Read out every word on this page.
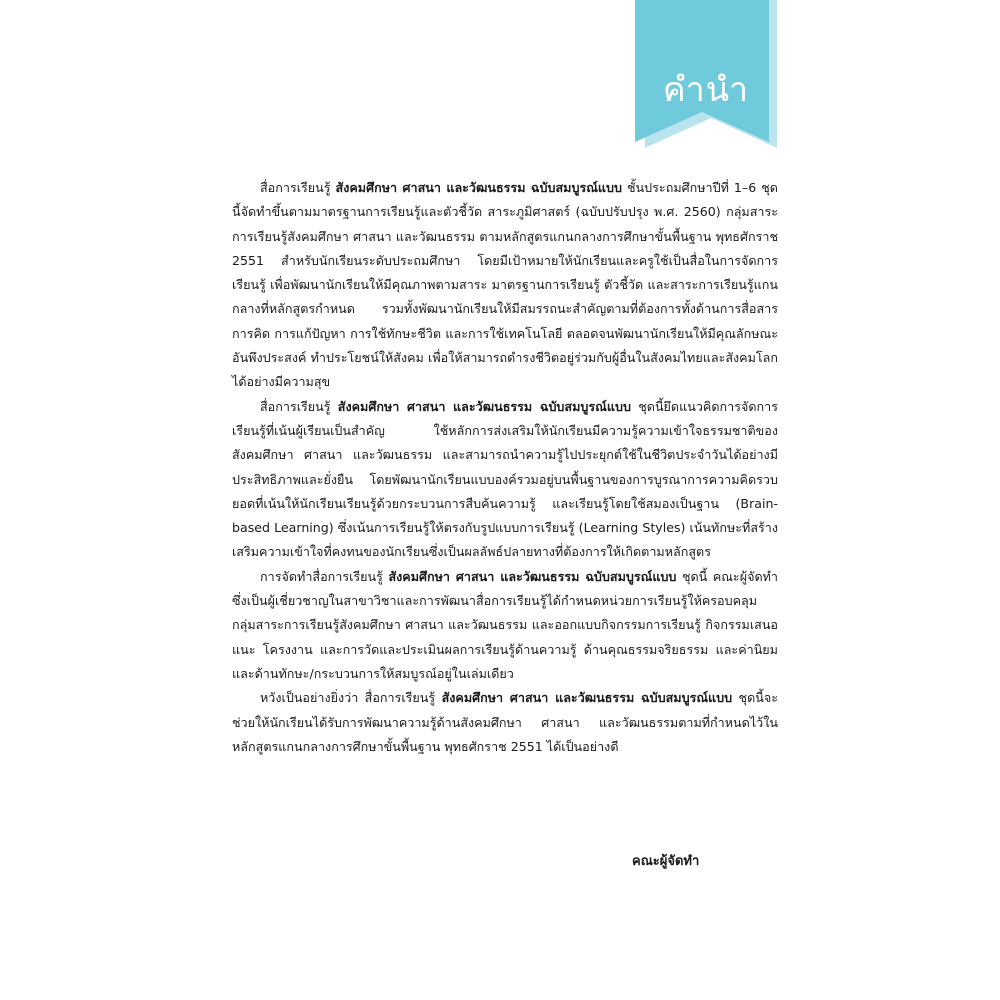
คำนำ

สื่อการเรียนรู้ สังคมศึกษา ศาสนา และวัฒนธรรม ฉบับสมบูรณ์แบบ ชั้นประถมศึกษาปีที่ 1–6 ชุดนี้จัดทำขึ้นตามมาตรฐานการเรียนรู้และตัวชี้วัด สาระภูมิศาสตร์ (ฉบับปรับปรุง พ.ศ. 2560) กลุ่มสาระการเรียนรู้สังคมศึกษา ศาสนา และวัฒนธรรม ตามหลักสูตรแกนกลางการศึกษาขั้นพื้นฐาน พุทธศักราช 2551 สำหรับนักเรียนระดับประถมศึกษา โดยมีเป้าหมายให้นักเรียนและครูใช้เป็นสื่อในการจัดการเรียนรู้ เพื่อพัฒนานักเรียนให้มีคุณภาพตามสาระ มาตรฐานการเรียนรู้ ตัวชี้วัด และสาระการเรียนรู้แกนกลางที่หลักสูตรกำหนด รวมทั้งพัฒนานักเรียนให้มีสมรรถนะสำคัญตามที่ต้องการทั้งด้านการสื่อสาร การคิด การแก้ปัญหา การใช้ทักษะชีวิต และการใช้เทคโนโลยี ตลอดจนพัฒนานักเรียนให้มีคุณลักษณะอันพึงประสงค์ ทำประโยชน์ให้สังคม เพื่อให้สามารถดำรงชีวิตอยู่ร่วมกับผู้อื่นในสังคมไทยและสังคมโลกได้อย่างมีความสุข

สื่อการเรียนรู้ สังคมศึกษา ศาสนา และวัฒนธรรม ฉบับสมบูรณ์แบบ ชุดนี้ยึดแนวคิดการจัดการเรียนรู้ที่เน้นผู้เรียนเป็นสำคัญ ใช้หลักการส่งเสริมให้นักเรียนมีความรู้ความเข้าใจธรรมชาติของสังคมศึกษา ศาสนา และวัฒนธรรม และสามารถนำความรู้ไปประยุกต์ใช้ในชีวิตประจำวันได้อย่างมีประสิทธิภาพและยั่งยืน โดยพัฒนานักเรียนแบบองค์รวมอยู่บนพื้นฐานของการบูรณาการความคิดรวบยอดที่เน้นให้นักเรียนเรียนรู้ด้วยกระบวนการสืบค้นความรู้ และเรียนรู้โดยใช้สมองเป็นฐาน (Brain-based Learning) ซึ่งเน้นการเรียนรู้ให้ตรงกับรูปแบบการเรียนรู้ (Learning Styles) เน้นทักษะที่สร้างเสริมความเข้าใจที่คงทนของนักเรียนซึ่งเป็นผลลัพธ์ปลายทางที่ต้องการให้เกิดตามหลักสูตร

การจัดทำสื่อการเรียนรู้ สังคมศึกษา ศาสนา และวัฒนธรรม ฉบับสมบูรณ์แบบ ชุดนี้ คณะผู้จัดทำซึ่งเป็นผู้เชี่ยวชาญในสาขาวิชาและการพัฒนาสื่อการเรียนรู้ได้กำหนดหน่วยการเรียนรู้ให้ครอบคลุมกลุ่มสาระการเรียนรู้สังคมศึกษา ศาสนา และวัฒนธรรม และออกแบบกิจกรรมการเรียนรู้ กิจกรรมเสนอแนะ โครงงาน และการวัดและประเมินผลการเรียนรู้ด้านความรู้ ด้านคุณธรรมจริยธรรม และค่านิยม และด้านทักษะ/กระบวนการให้สมบูรณ์อยู่ในเล่มเดียว

หวังเป็นอย่างยิ่งว่า สื่อการเรียนรู้ สังคมศึกษา ศาสนา และวัฒนธรรม ฉบับสมบูรณ์แบบ ชุดนี้จะช่วยให้นักเรียนได้รับการพัฒนาความรู้ด้านสังคมศึกษา ศาสนา และวัฒนธรรมตามที่กำหนดไว้ในหลักสูตรแกนกลางการศึกษาขั้นพื้นฐาน พุทธศักราช 2551 ได้เป็นอย่างดี

คณะผู้จัดทำ
